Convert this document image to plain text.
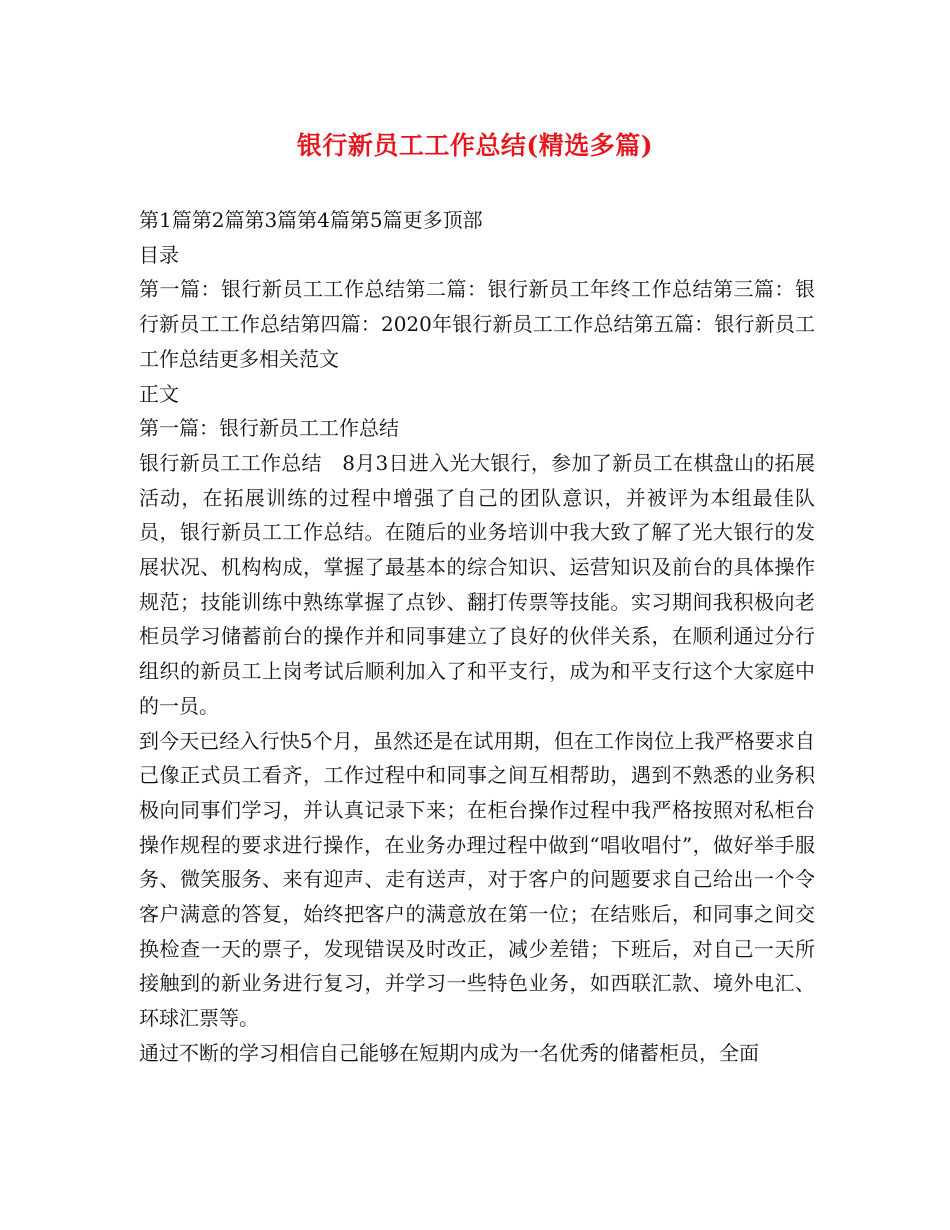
银行新员工工作总结(精选多篇)

第1篇第2篇第3篇第4篇第5篇更多顶部

目录

第一篇：银行新员工工作总结第二篇：银行新员工年终工作总结第三篇：银行新员工工作总结第四篇：2020年银行新员工工作总结第五篇：银行新员工工作总结更多相关范文

正文

第一篇：银行新员工工作总结

银行新员工工作总结　8月3日进入光大银行，参加了新员工在棋盘山的拓展活动，在拓展训练的过程中增强了自己的团队意识，并被评为本组最佳队员，银行新员工工作总结。在随后的业务培训中我大致了解了光大银行的发展状况、机构构成，掌握了最基本的综合知识、运营知识及前台的具体操作规范；技能训练中熟练掌握了点钞、翻打传票等技能。实习期间我积极向老柜员学习储蓄前台的操作并和同事建立了良好的伙伴关系，在顺利通过分行组织的新员工上岗考试后顺利加入了和平支行，成为和平支行这个大家庭中的一员。

到今天已经入行快5个月，虽然还是在试用期，但在工作岗位上我严格要求自己像正式员工看齐，工作过程中和同事之间互相帮助，遇到不熟悉的业务积极向同事们学习，并认真记录下来；在柜台操作过程中我严格按照对私柜台操作规程的要求进行操作，在业务办理过程中做到“唱收唱付”，做好举手服务、微笑服务、来有迎声、走有送声，对于客户的问题要求自己给出一个令客户满意的答复，始终把客户的满意放在第一位；在结账后，和同事之间交换检查一天的票子，发现错误及时改正，减少差错；下班后，对自己一天所接触到的新业务进行复习，并学习一些特色业务，如西联汇款、境外电汇、环球汇票等。

通过不断的学习相信自己能够在短期内成为一名优秀的储蓄柜员，全面
